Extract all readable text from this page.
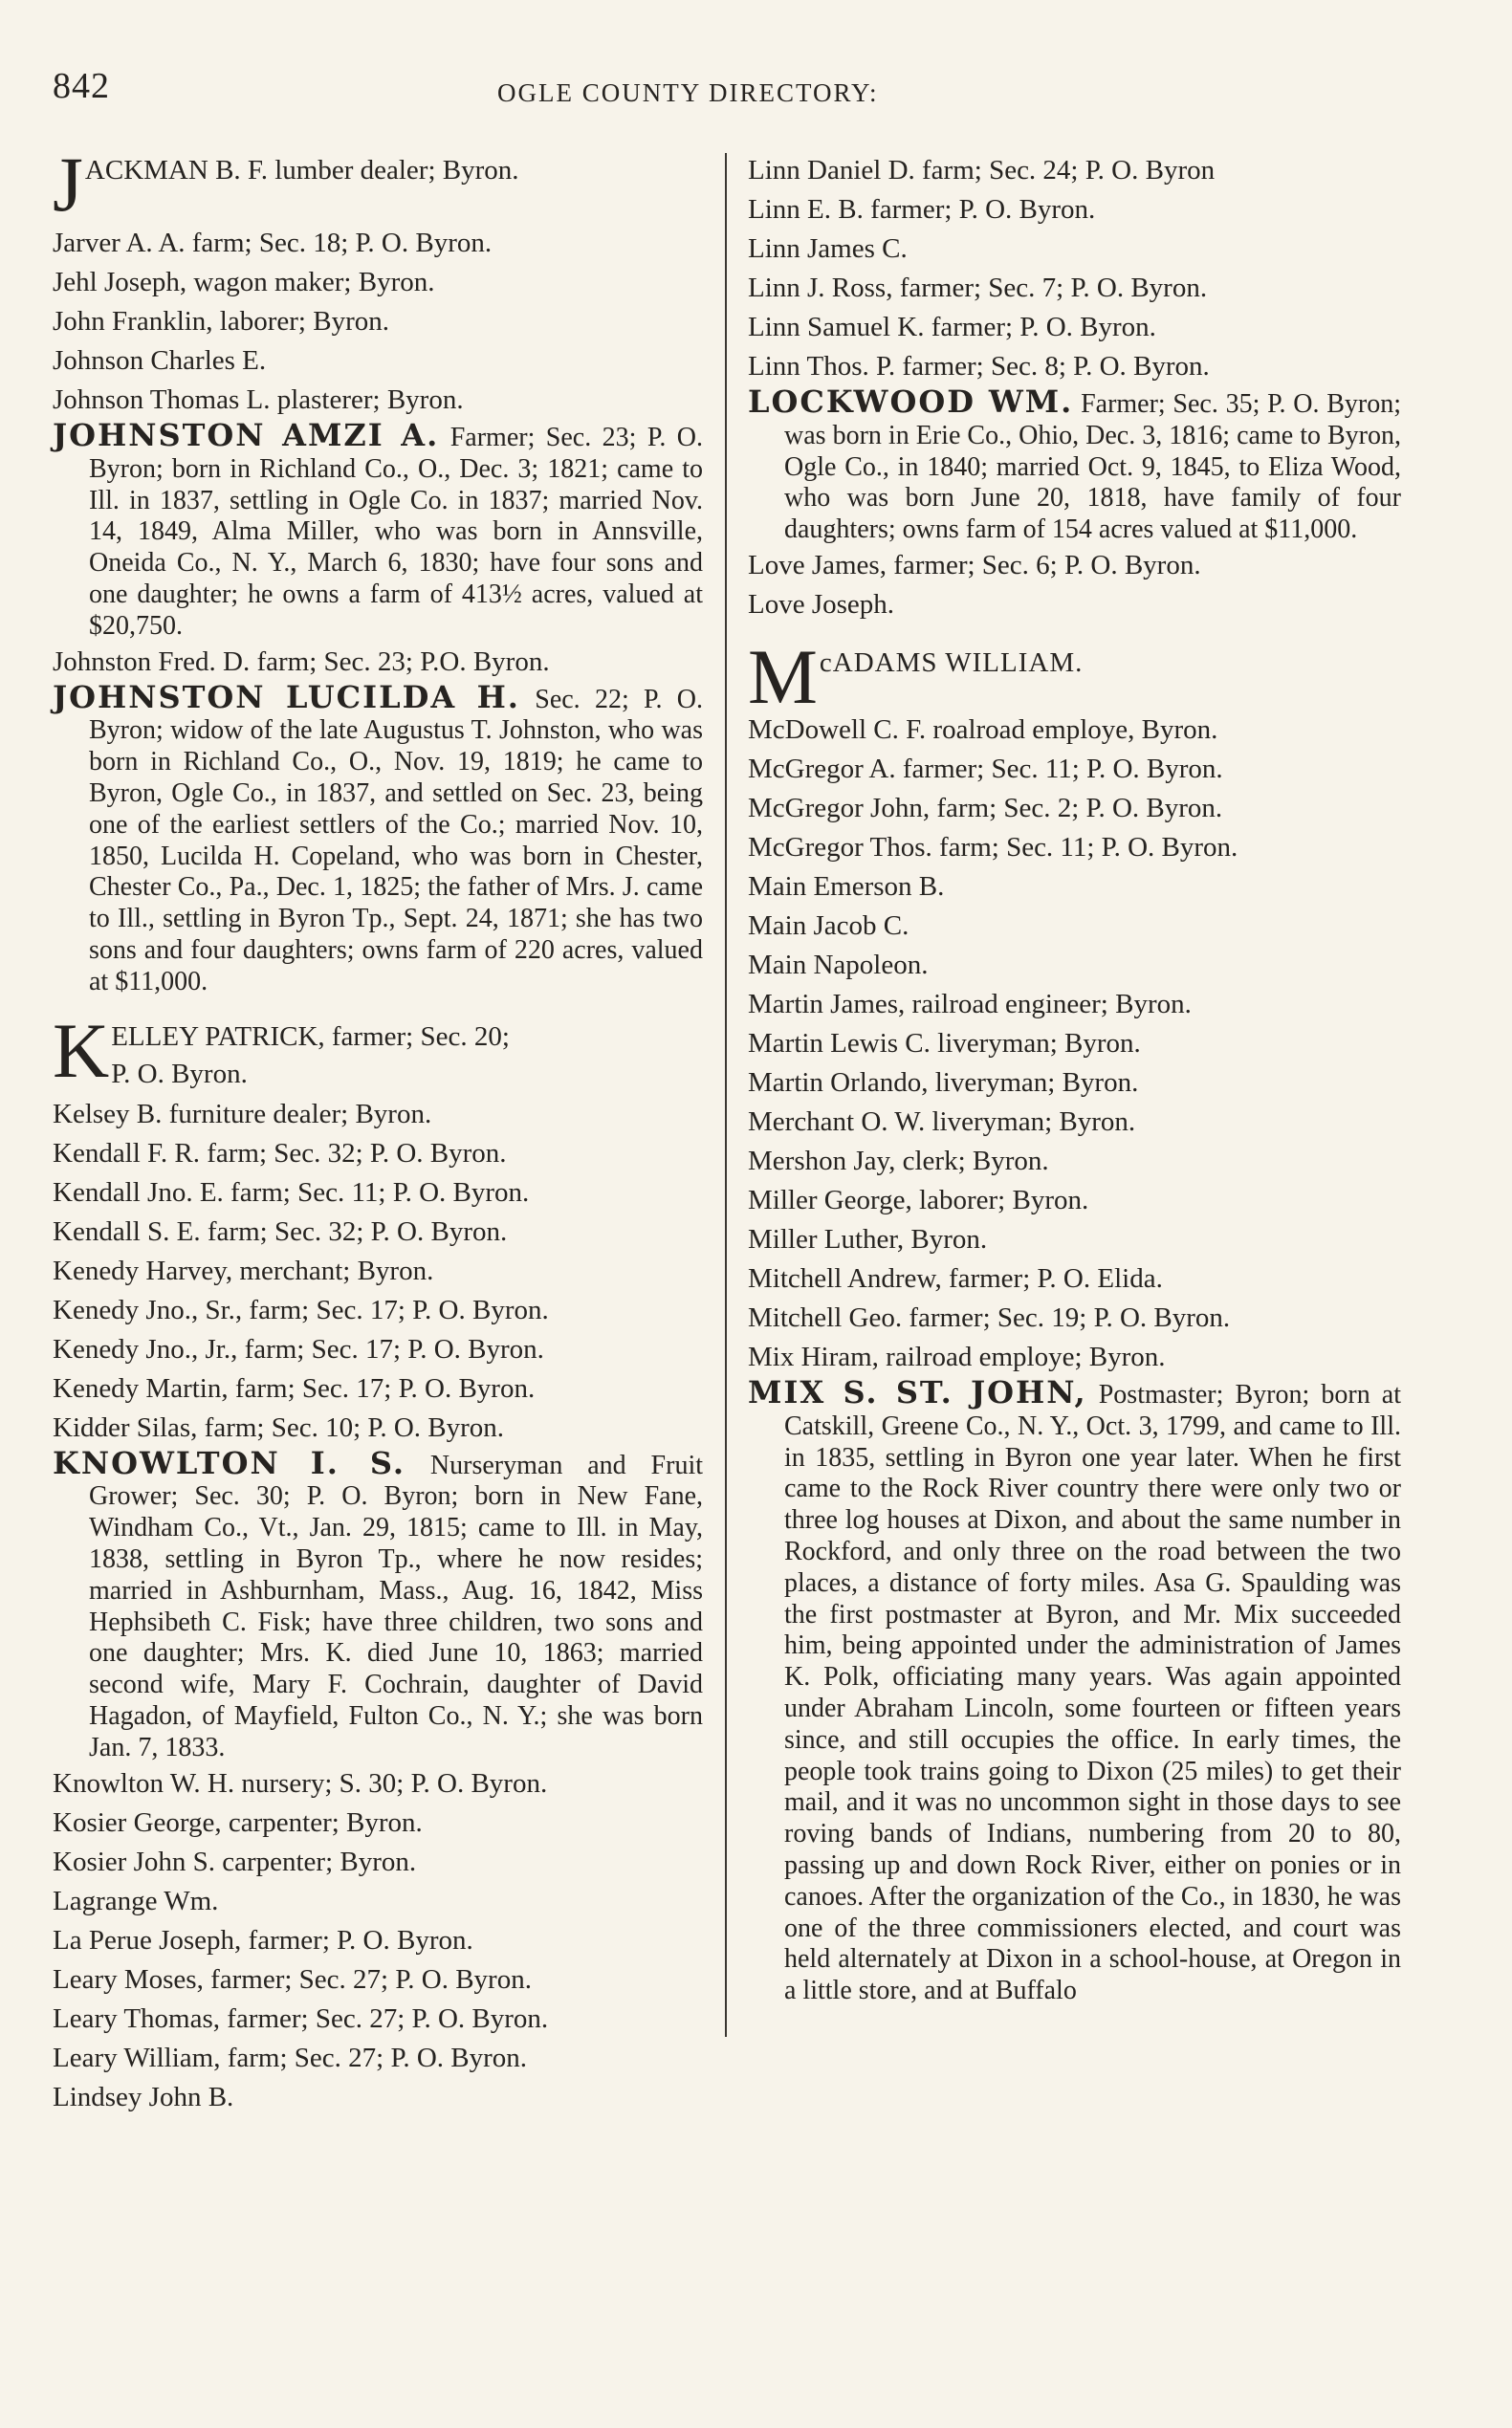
842	OGLE COUNTY DIRECTORY:
J ACKMAN B. F. lumber dealer; Byron.
Jarver A. A. farm; Sec. 18; P. O. Byron.
Jehl Joseph, wagon maker; Byron.
John Franklin, laborer; Byron.
Johnson Charles E.
Johnson Thomas L. plasterer; Byron.
JOHNSTON AMZI A. Farmer; Sec. 23; P. O. Byron; born in Richland Co., O., Dec. 3; 1821; came to Ill. in 1837, settling in Ogle Co. in 1837; married Nov. 14, 1849, Alma Miller, who was born in Annsville, Oneida Co., N. Y., March 6, 1830; have four sons and one daughter; he owns a farm of 413½ acres, valued at $20,750.
Johnston Fred. D. farm; Sec. 23; P.O. Byron.
JOHNSTON LUCILDA H. Sec. 22; P. O. Byron; widow of the late Augustus T. Johnston, who was born in Richland Co., O., Nov. 19, 1819; he came to Byron, Ogle Co., in 1837, and settled on Sec. 23, being one of the earliest settlers of the Co.; married Nov. 10, 1850, Lucilda H. Copeland, who was born in Chester, Chester Co., Pa., Dec. 1, 1825; the father of Mrs. J. came to Ill., settling in Byron Tp., Sept. 24, 1871; she has two sons and four daughters; owns farm of 220 acres, valued at $11,000.
K ELLEY PATRICK, farmer; Sec. 20;
P. O. Byron.
Kelsey B. furniture dealer; Byron.
Kendall F. R. farm; Sec. 32; P. O. Byron.
Kendall Jno. E. farm; Sec. 11; P. O. Byron.
Kendall S. E. farm; Sec. 32; P. O. Byron.
Kenedy Harvey, merchant; Byron.
Kenedy Jno., Sr., farm; Sec. 17; P. O. Byron.
Kenedy Jno., Jr., farm; Sec. 17; P. O. Byron.
Kenedy Martin, farm; Sec. 17; P. O. Byron.
Kidder Silas, farm; Sec. 10; P. O. Byron.
KNOWLTON I. S. Nurseryman and Fruit Grower; Sec. 30; P. O. Byron; born in New Fane, Windham Co., Vt., Jan. 29, 1815; came to Ill. in May, 1838, settling in Byron Tp., where he now resides; married in Ashburnham, Mass., Aug. 16, 1842, Miss Hephsibeth C. Fisk; have three children, two sons and one daughter; Mrs. K. died June 10, 1863; married second wife, Mary F. Cochrain, daughter of David Hagadon, of Mayfield, Fulton Co., N. Y.; she was born Jan. 7, 1833.
Knowlton W. H. nursery; S. 30; P. O. Byron.
Kosier George, carpenter; Byron.
Kosier John S. carpenter; Byron.
Lagrange Wm.
La Perue Joseph, farmer; P. O. Byron.
Leary Moses, farmer; Sec. 27; P. O. Byron.
Leary Thomas, farmer; Sec. 27; P. O. Byron.
Leary William, farm; Sec. 27; P. O. Byron.
Lindsey John B.
Linn Daniel D. farm; Sec. 24; P. O. Byron
Linn E. B. farmer; P. O. Byron.
Linn James C.
Linn J. Ross, farmer; Sec. 7; P. O. Byron.
Linn Samuel K. farmer; P. O. Byron.
Linn Thos. P. farmer; Sec. 8; P. O. Byron.
LOCKWOOD WM. Farmer; Sec. 35; P. O. Byron; was born in Erie Co., Ohio, Dec. 3, 1816; came to Byron, Ogle Co., in 1840; married Oct. 9, 1845, to Eliza Wood, who was born June 20, 1818, have family of four daughters; owns farm of 154 acres valued at $11,000.
Love James, farmer; Sec. 6; P. O. Byron.
Love Joseph.
M cADAMS WILLIAM.
McDowell C. F. roalroad employe, Byron.
McGregor A. farmer; Sec. 11; P. O. Byron.
McGregor John, farm; Sec. 2; P. O. Byron.
McGregor Thos. farm; Sec. 11; P. O. Byron.
Main Emerson B.
Main Jacob C.
Main Napoleon.
Martin James, railroad engineer; Byron.
Martin Lewis C. liveryman; Byron.
Martin Orlando, liveryman; Byron.
Merchant O. W. liveryman; Byron.
Mershon Jay, clerk; Byron.
Miller George, laborer; Byron.
Miller Luther, Byron.
Mitchell Andrew, farmer; P. O. Elida.
Mitchell Geo. farmer; Sec. 19; P. O. Byron.
Mix Hiram, railroad employe; Byron.
MIX S. ST. JOHN, Postmaster; Byron; born at Catskill, Greene Co., N. Y., Oct. 3, 1799, and came to Ill. in 1835, settling in Byron one year later. When he first came to the Rock River country there were only two or three log houses at Dixon, and about the same number in Rockford, and only three on the road between the two places, a distance of forty miles. Asa G. Spaulding was the first postmaster at Byron, and Mr. Mix succeeded him, being appointed under the administration of James K. Polk, officiating many years. Was again appointed under Abraham Lincoln, some fourteen or fifteen years since, and still occupies the office. In early times, the people took trains going to Dixon (25 miles) to get their mail, and it was no uncommon sight in those days to see roving bands of Indians, numbering from 20 to 80, passing up and down Rock River, either on ponies or in canoes. After the organization of the Co., in 1830, he was one of the three commissioners elected, and court was held alternately at Dixon in a school-house, at Oregon in a little store, and at Buffalo
